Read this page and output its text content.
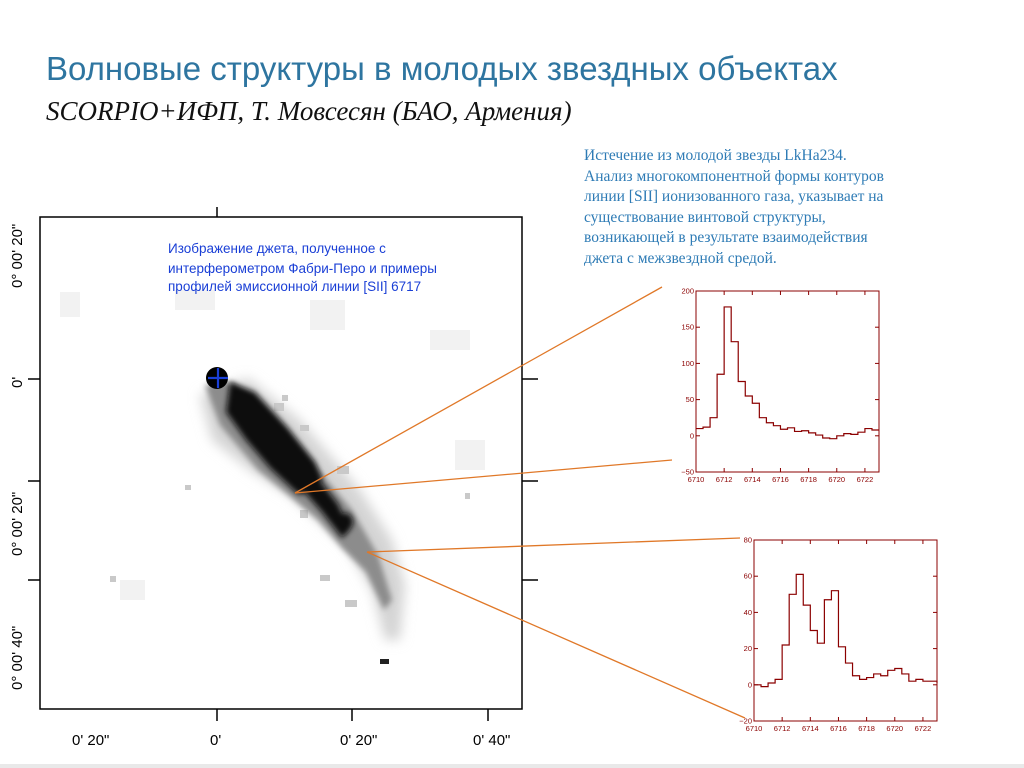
Волновые структуры в молодых звездных объектах
SCORPIO+ИФП, Т. Мовсесян (БАО, Армения)
Истечение из молодой звезды LkHa234.
Анализ многокомпонентной формы контуров
линии [SII] ионизованного газа, указывает на
существование винтовой структуры,
возникающей в результате взаимодействия
джета с межзвездной средой.
0° 00' 20"
0'
0° 00' 20"
0° 00' 40"
0' 20"	0'	0' 20"	0' 40"
200
150
100
50
0
−50
6710 6712 6714 6716 6718 6720 6722
80
60
40
20
0
−20
6710 6712 6714 6716 6718 6720 6722
Изображение джета, полученное с
интерферометром Фабри-Перо и примеры
профилей эмиссионной линии [SII] 6717
